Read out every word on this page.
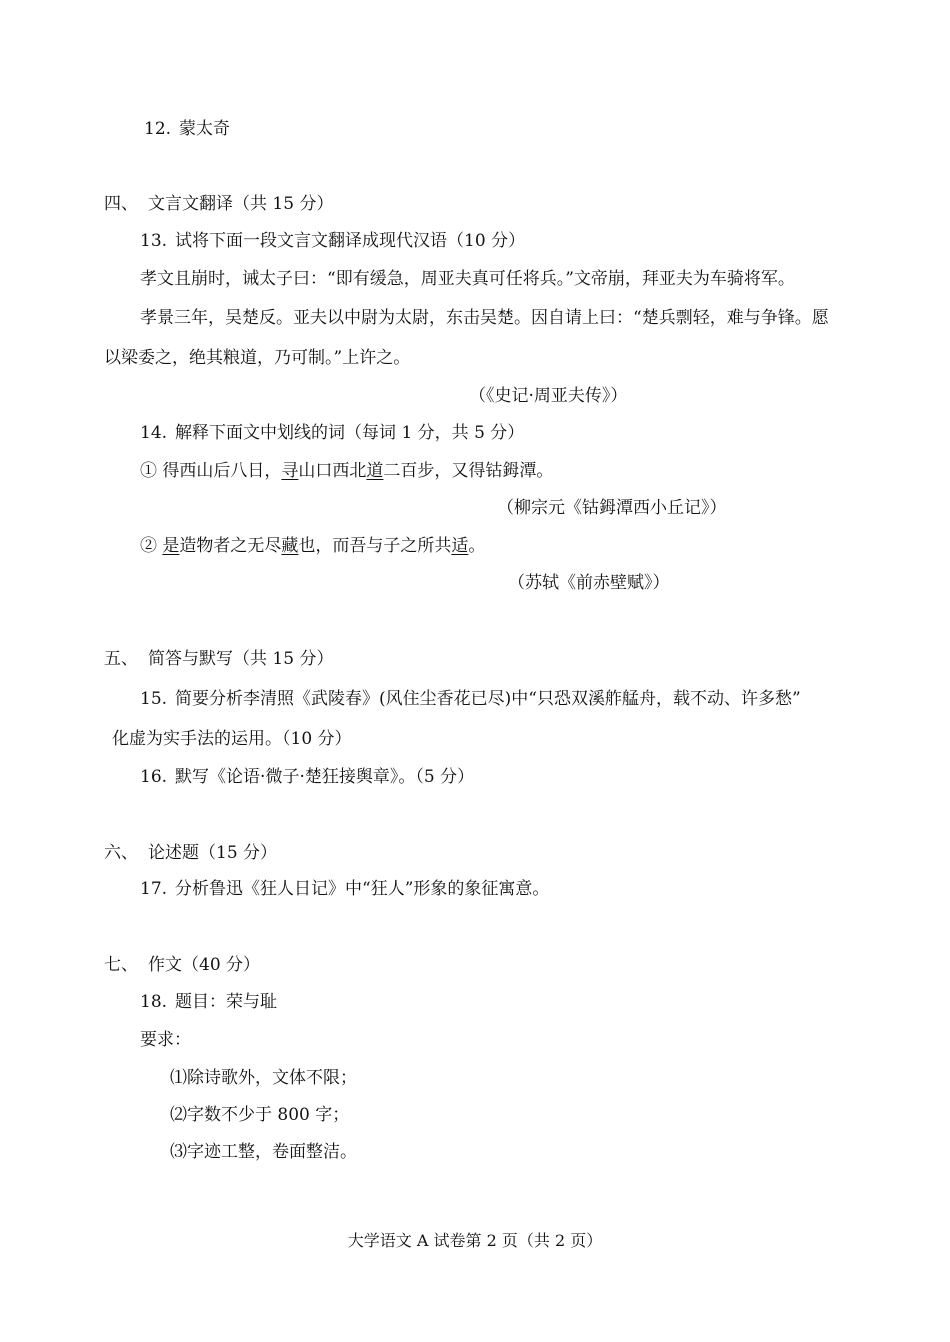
12. 蒙太奇
四、 文言文翻译（共 15 分）
13. 试将下面一段文言文翻译成现代汉语（10 分）
孝文且崩时，诫太子曰：“即有缓急，周亚夫真可任将兵。”文帝崩，拜亚夫为车骑将军。
孝景三年，吴楚反。亚夫以中尉为太尉，东击吴楚。因自请上曰：“楚兵剽轻，难与争锋。愿
以梁委之，绝其粮道，乃可制。”上许之。
（《史记·周亚夫传》）
14. 解释下面文中划线的词（每词 1 分，共 5 分）
① 得西山后八日，寻山口西北道二百步，又得钴鉧潭。
（柳宗元《钴鉧潭西小丘记》）
② 是造物者之无尽藏也，而吾与子之所共适。
（苏轼《前赤壁赋》）
五、 简答与默写（共 15 分）
15. 简要分析李清照《武陵春》(风住尘香花已尽)中“只恐双溪舴艋舟，载不动、许多愁”
化虚为实手法的运用。（10 分）
16. 默写《论语·微子·楚狂接舆章》。（5 分）
六、 论述题（15 分）
17. 分析鲁迅《狂人日记》中“狂人”形象的象征寓意。
七、 作文（40 分）
18. 题目：荣与耻
要求：
⑴除诗歌外，文体不限；
⑵字数不少于 800 字；
⑶字迹工整，卷面整洁。
大学语文 A 试卷第 2 页（共 2 页）
